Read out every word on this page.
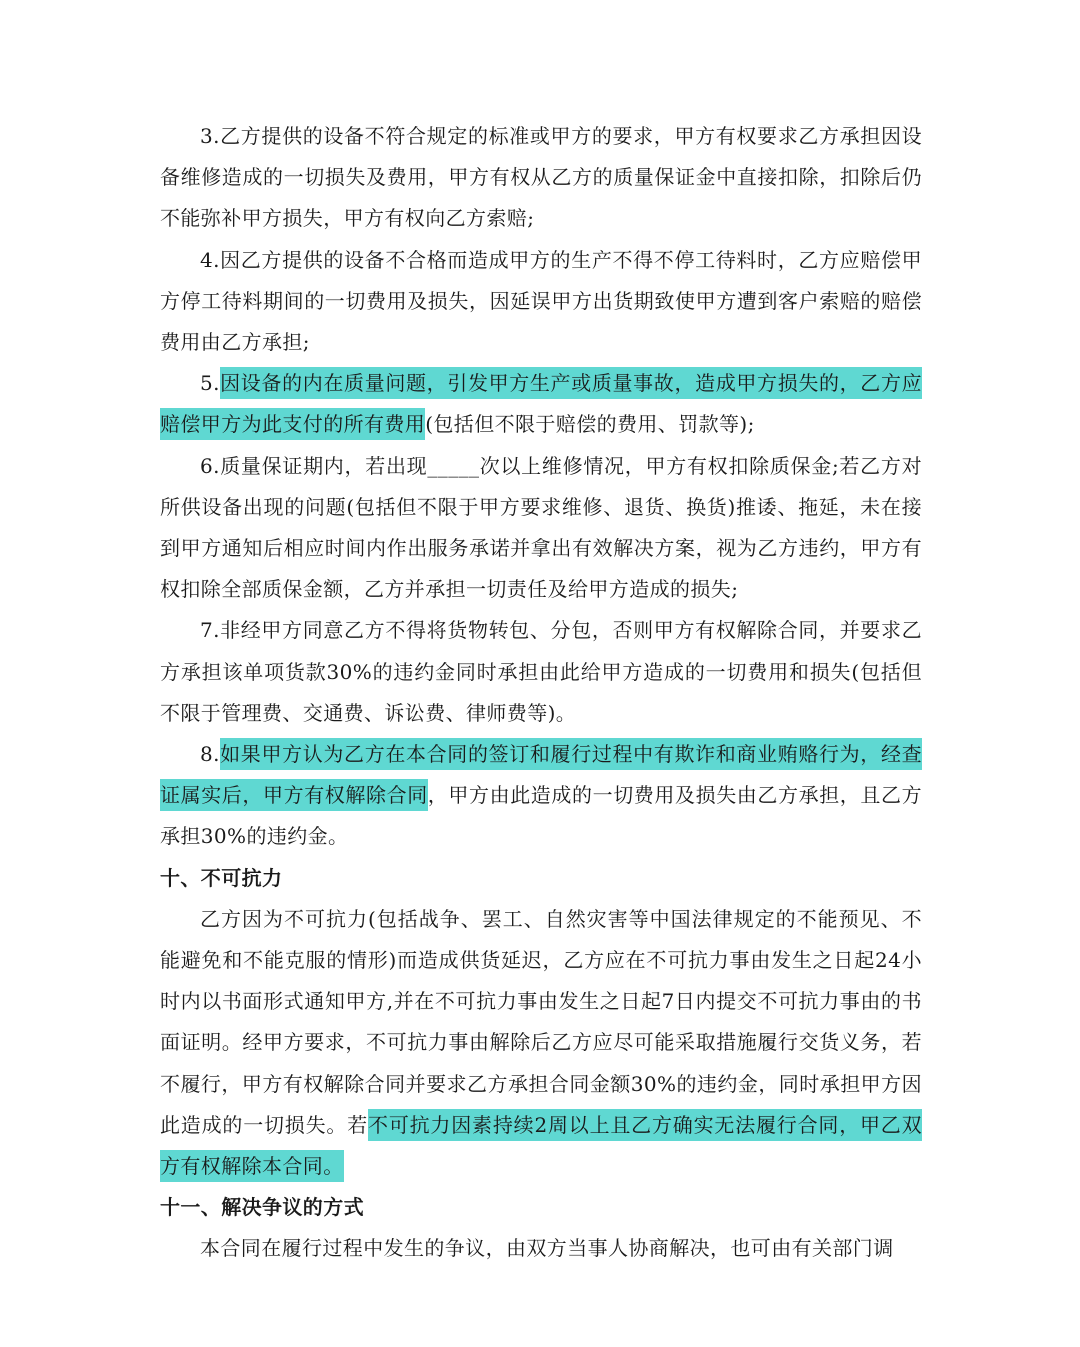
3.乙方提供的设备不符合规定的标准或甲方的要求，甲方有权要求乙方承担因设备维修造成的一切损失及费用，甲方有权从乙方的质量保证金中直接扣除，扣除后仍不能弥补甲方损失，甲方有权向乙方索赔;

4.因乙方提供的设备不合格而造成甲方的生产不得不停工待料时，乙方应赔偿甲方停工待料期间的一切费用及损失，因延误甲方出货期致使甲方遭到客户索赔的赔偿费用由乙方承担;

5.因设备的内在质量问题，引发甲方生产或质量事故，造成甲方损失的，乙方应赔偿甲方为此支付的所有费用(包括但不限于赔偿的费用、罚款等);

6.质量保证期内，若出现_____次以上维修情况，甲方有权扣除质保金;若乙方对所供设备出现的问题(包括但不限于甲方要求维修、退货、换货)推诿、拖延，未在接到甲方通知后相应时间内作出服务承诺并拿出有效解决方案，视为乙方违约，甲方有权扣除全部质保金额，乙方并承担一切责任及给甲方造成的损失;

7.非经甲方同意乙方不得将货物转包、分包，否则甲方有权解除合同，并要求乙方承担该单项货款30%的违约金同时承担由此给甲方造成的一切费用和损失(包括但不限于管理费、交通费、诉讼费、律师费等)。

8.如果甲方认为乙方在本合同的签订和履行过程中有欺诈和商业贿赂行为，经查证属实后，甲方有权解除合同，甲方由此造成的一切费用及损失由乙方承担，且乙方承担30%的违约金。

十、不可抗力

乙方因为不可抗力(包括战争、罢工、自然灾害等中国法律规定的不能预见、不能避免和不能克服的情形)而造成供货延迟，乙方应在不可抗力事由发生之日起24小时内以书面形式通知甲方,并在不可抗力事由发生之日起7日内提交不可抗力事由的书面证明。经甲方要求，不可抗力事由解除后乙方应尽可能采取措施履行交货义务，若不履行，甲方有权解除合同并要求乙方承担合同金额30%的违约金，同时承担甲方因此造成的一切损失。若不可抗力因素持续2周以上且乙方确实无法履行合同，甲乙双方有权解除本合同。

十一、解决争议的方式

本合同在履行过程中发生的争议，由双方当事人协商解决，也可由有关部门调
